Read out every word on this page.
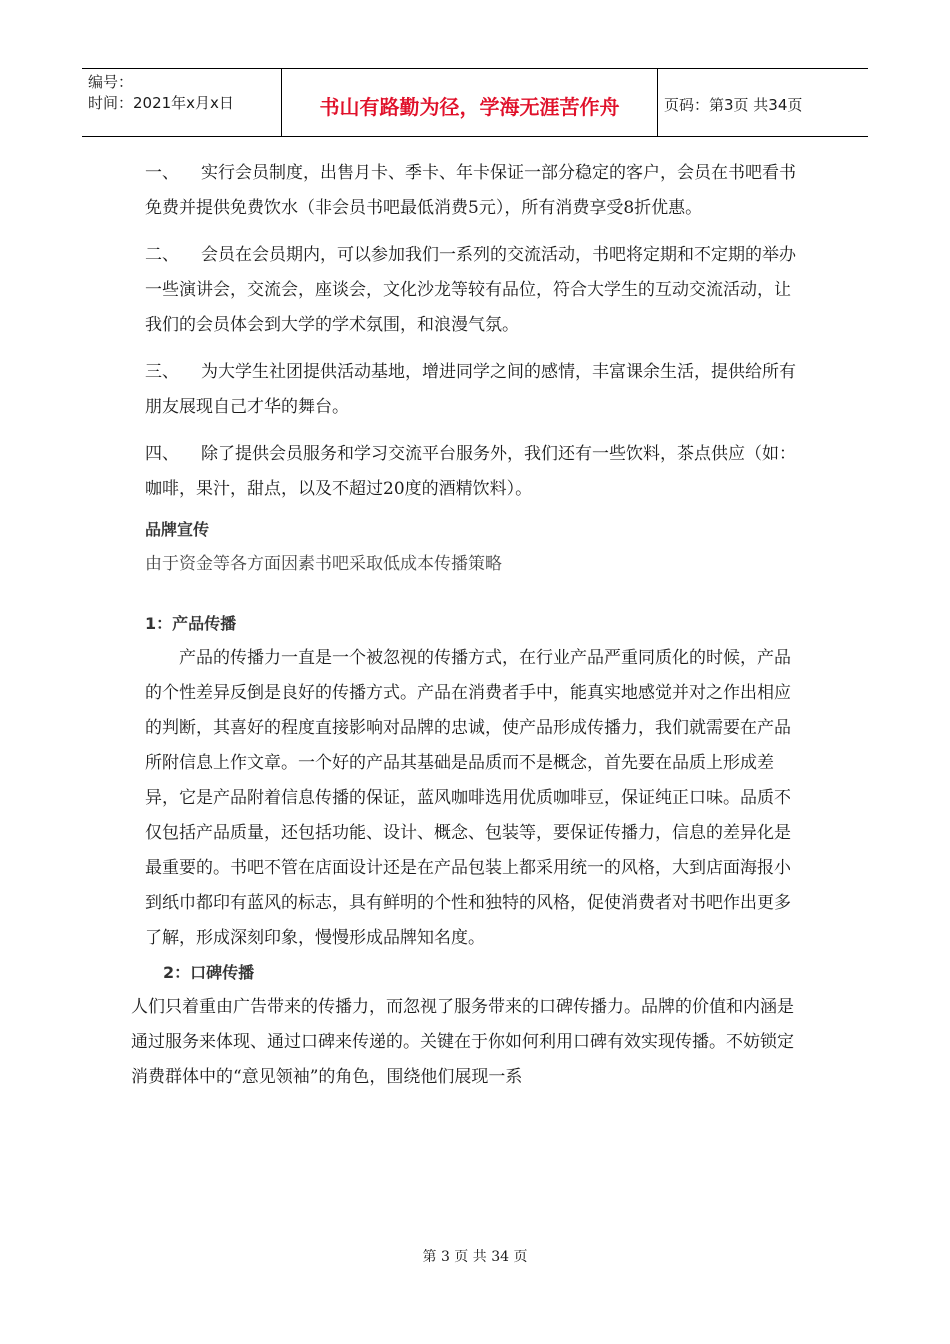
编号：
时间：2021年x月x日	书山有路勤为径，学海无涯苦作舟	页码：第3页 共34页

一、 实行会员制度，出售月卡、季卡、年卡保证一部分稳定的客户，会员在书吧看书免费并提供免费饮水（非会员书吧最低消费5元），所有消费享受8折优惠。

二、 会员在会员期内，可以参加我们一系列的交流活动，书吧将定期和不定期的举办一些演讲会，交流会，座谈会，文化沙龙等较有品位，符合大学生的互动交流活动，让我们的会员体会到大学的学术氛围，和浪漫气氛。

三、 为大学生社团提供活动基地，增进同学之间的感情，丰富课余生活，提供给所有朋友展现自己才华的舞台。

四、 除了提供会员服务和学习交流平台服务外，我们还有一些饮料，茶点供应（如：咖啡，果汁，甜点，以及不超过20度的酒精饮料）。

品牌宣传
由于资金等各方面因素书吧采取低成本传播策略
1：产品传播

产品的传播力一直是一个被忽视的传播方式，在行业产品严重同质化的时候，产品的个性差异反倒是良好的传播方式。产品在消费者手中，能真实地感觉并对之作出相应的判断，其喜好的程度直接影响对品牌的忠诚，使产品形成传播力，我们就需要在产品所附信息上作文章。一个好的产品其基础是品质而不是概念，首先要在品质上形成差异，它是产品附着信息传播的保证，蓝风咖啡选用优质咖啡豆，保证纯正口味。品质不仅包括产品质量，还包括功能、设计、概念、包装等，要保证传播力，信息的差异化是最重要的。书吧不管在店面设计还是在产品包装上都采用统一的风格，大到店面海报小到纸巾都印有蓝风的标志，具有鲜明的个性和独特的风格，促使消费者对书吧作出更多了解，形成深刻印象，慢慢形成品牌知名度。

2：口碑传播

人们只着重由广告带来的传播力，而忽视了服务带来的口碑传播力。品牌的价值和内涵是通过服务来体现、通过口碑来传递的。关键在于你如何利用口碑有效实现传播。不妨锁定消费群体中的“意见领袖”的角色，围绕他们展现一系

第 3 页 共 34 页
